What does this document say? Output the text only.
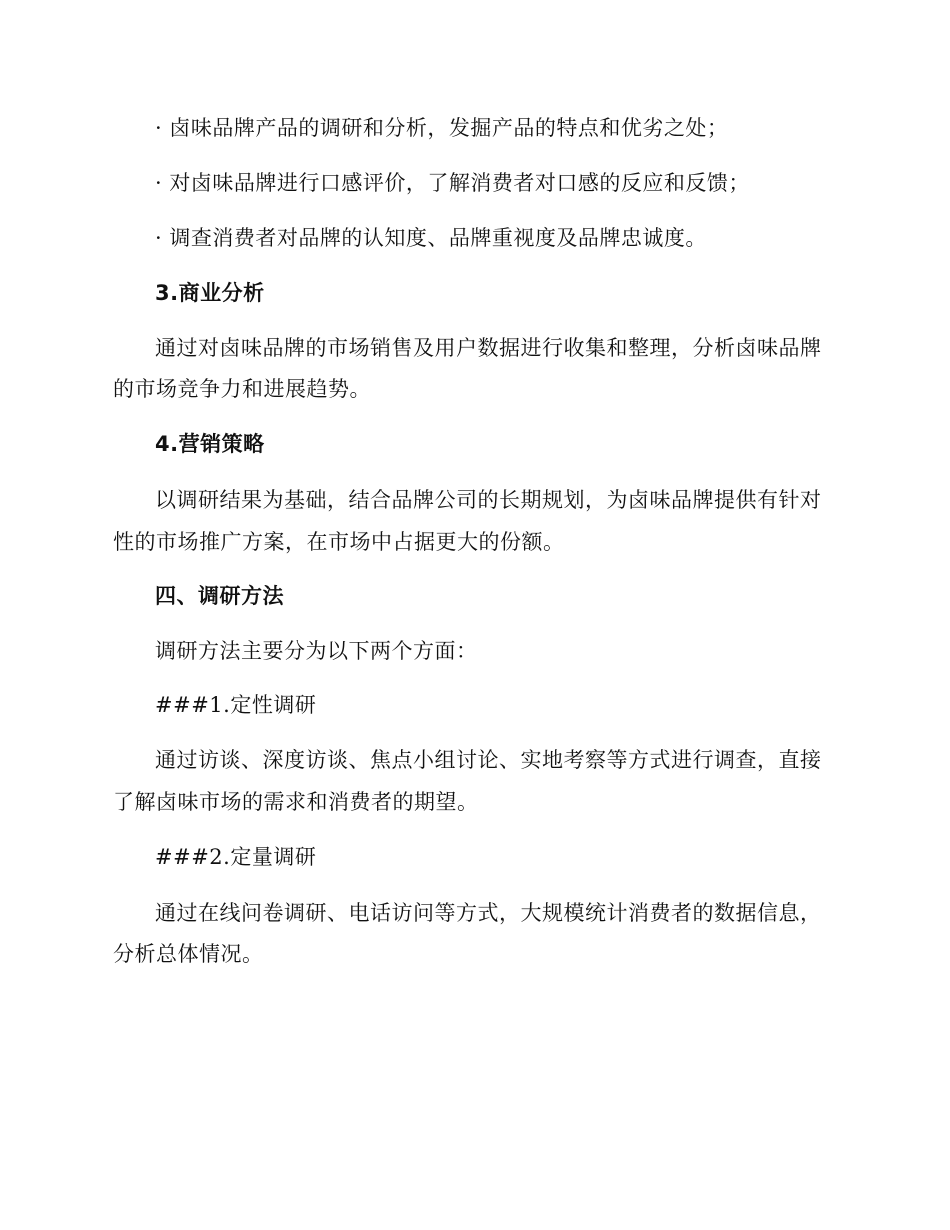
· 卤味品牌产品的调研和分析，发掘产品的特点和优劣之处；
· 对卤味品牌进行口感评价，了解消费者对口感的反应和反馈；
· 调查消费者对品牌的认知度、品牌重视度及品牌忠诚度。
3.商业分析
通过对卤味品牌的市场销售及用户数据进行收集和整理，分析卤味品牌
的市场竞争力和进展趋势。
4.营销策略
以调研结果为基础，结合品牌公司的长期规划，为卤味品牌提供有针对
性的市场推广方案，在市场中占据更大的份额。
四、调研方法
调研方法主要分为以下两个方面：
###1.定性调研
通过访谈、深度访谈、焦点小组讨论、实地考察等方式进行调查，直接
了解卤味市场的需求和消费者的期望。
###2.定量调研
通过在线问卷调研、电话访问等方式，大规模统计消费者的数据信息，
分析总体情况。
